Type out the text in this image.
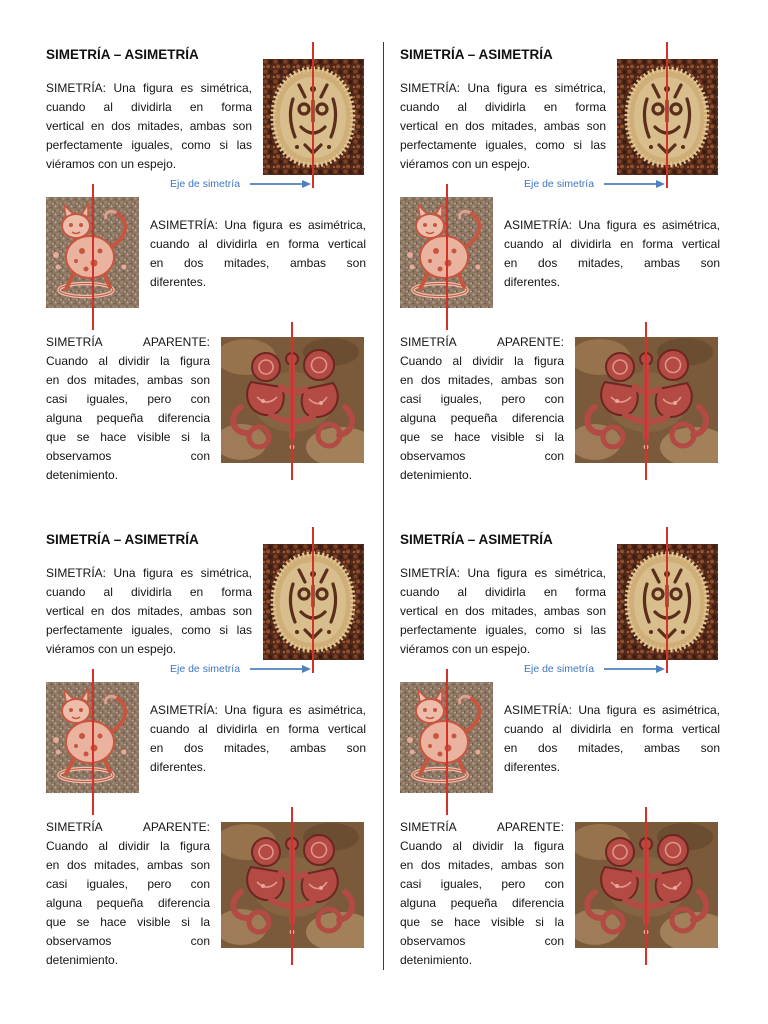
SIMETRÍA – ASIMETRÍA
SIMETRÍA: Una figura es simétrica,
cuando al dividirla en forma
vertical en dos mitades, ambas son
perfectamente iguales, como si las
viéramos con un espejo.
Eje de simetría
ASIMETRÍA: Una figura es asimétrica,
cuando al dividirla en forma vertical
en dos mitades, ambas son
diferentes.
SIMETRÍA APARENTE:
Cuando al dividir la figura
en dos mitades, ambas son
casi iguales, pero con
alguna pequeña diferencia
que se hace visible si la
observamos con
detenimiento.
SIMETRÍA – ASIMETRÍA
SIMETRÍA: Una figura es simétrica,
cuando al dividirla en forma
vertical en dos mitades, ambas son
perfectamente iguales, como si las
viéramos con un espejo.
Eje de simetría
ASIMETRÍA: Una figura es asimétrica,
cuando al dividirla en forma vertical
en dos mitades, ambas son
diferentes.
SIMETRÍA APARENTE:
Cuando al dividir la figura
en dos mitades, ambas son
casi iguales, pero con
alguna pequeña diferencia
que se hace visible si la
observamos con
detenimiento.
SIMETRÍA – ASIMETRÍA
SIMETRÍA: Una figura es simétrica,
cuando al dividirla en forma
vertical en dos mitades, ambas son
perfectamente iguales, como si las
viéramos con un espejo.
Eje de simetría
ASIMETRÍA: Una figura es asimétrica,
cuando al dividirla en forma vertical
en dos mitades, ambas son
diferentes.
SIMETRÍA APARENTE:
Cuando al dividir la figura
en dos mitades, ambas son
casi iguales, pero con
alguna pequeña diferencia
que se hace visible si la
observamos con
detenimiento.
SIMETRÍA – ASIMETRÍA
SIMETRÍA: Una figura es simétrica,
cuando al dividirla en forma
vertical en dos mitades, ambas son
perfectamente iguales, como si las
viéramos con un espejo.
Eje de simetría
ASIMETRÍA: Una figura es asimétrica,
cuando al dividirla en forma vertical
en dos mitades, ambas son
diferentes.
SIMETRÍA APARENTE:
Cuando al dividir la figura
en dos mitades, ambas son
casi iguales, pero con
alguna pequeña diferencia
que se hace visible si la
observamos con
detenimiento.
